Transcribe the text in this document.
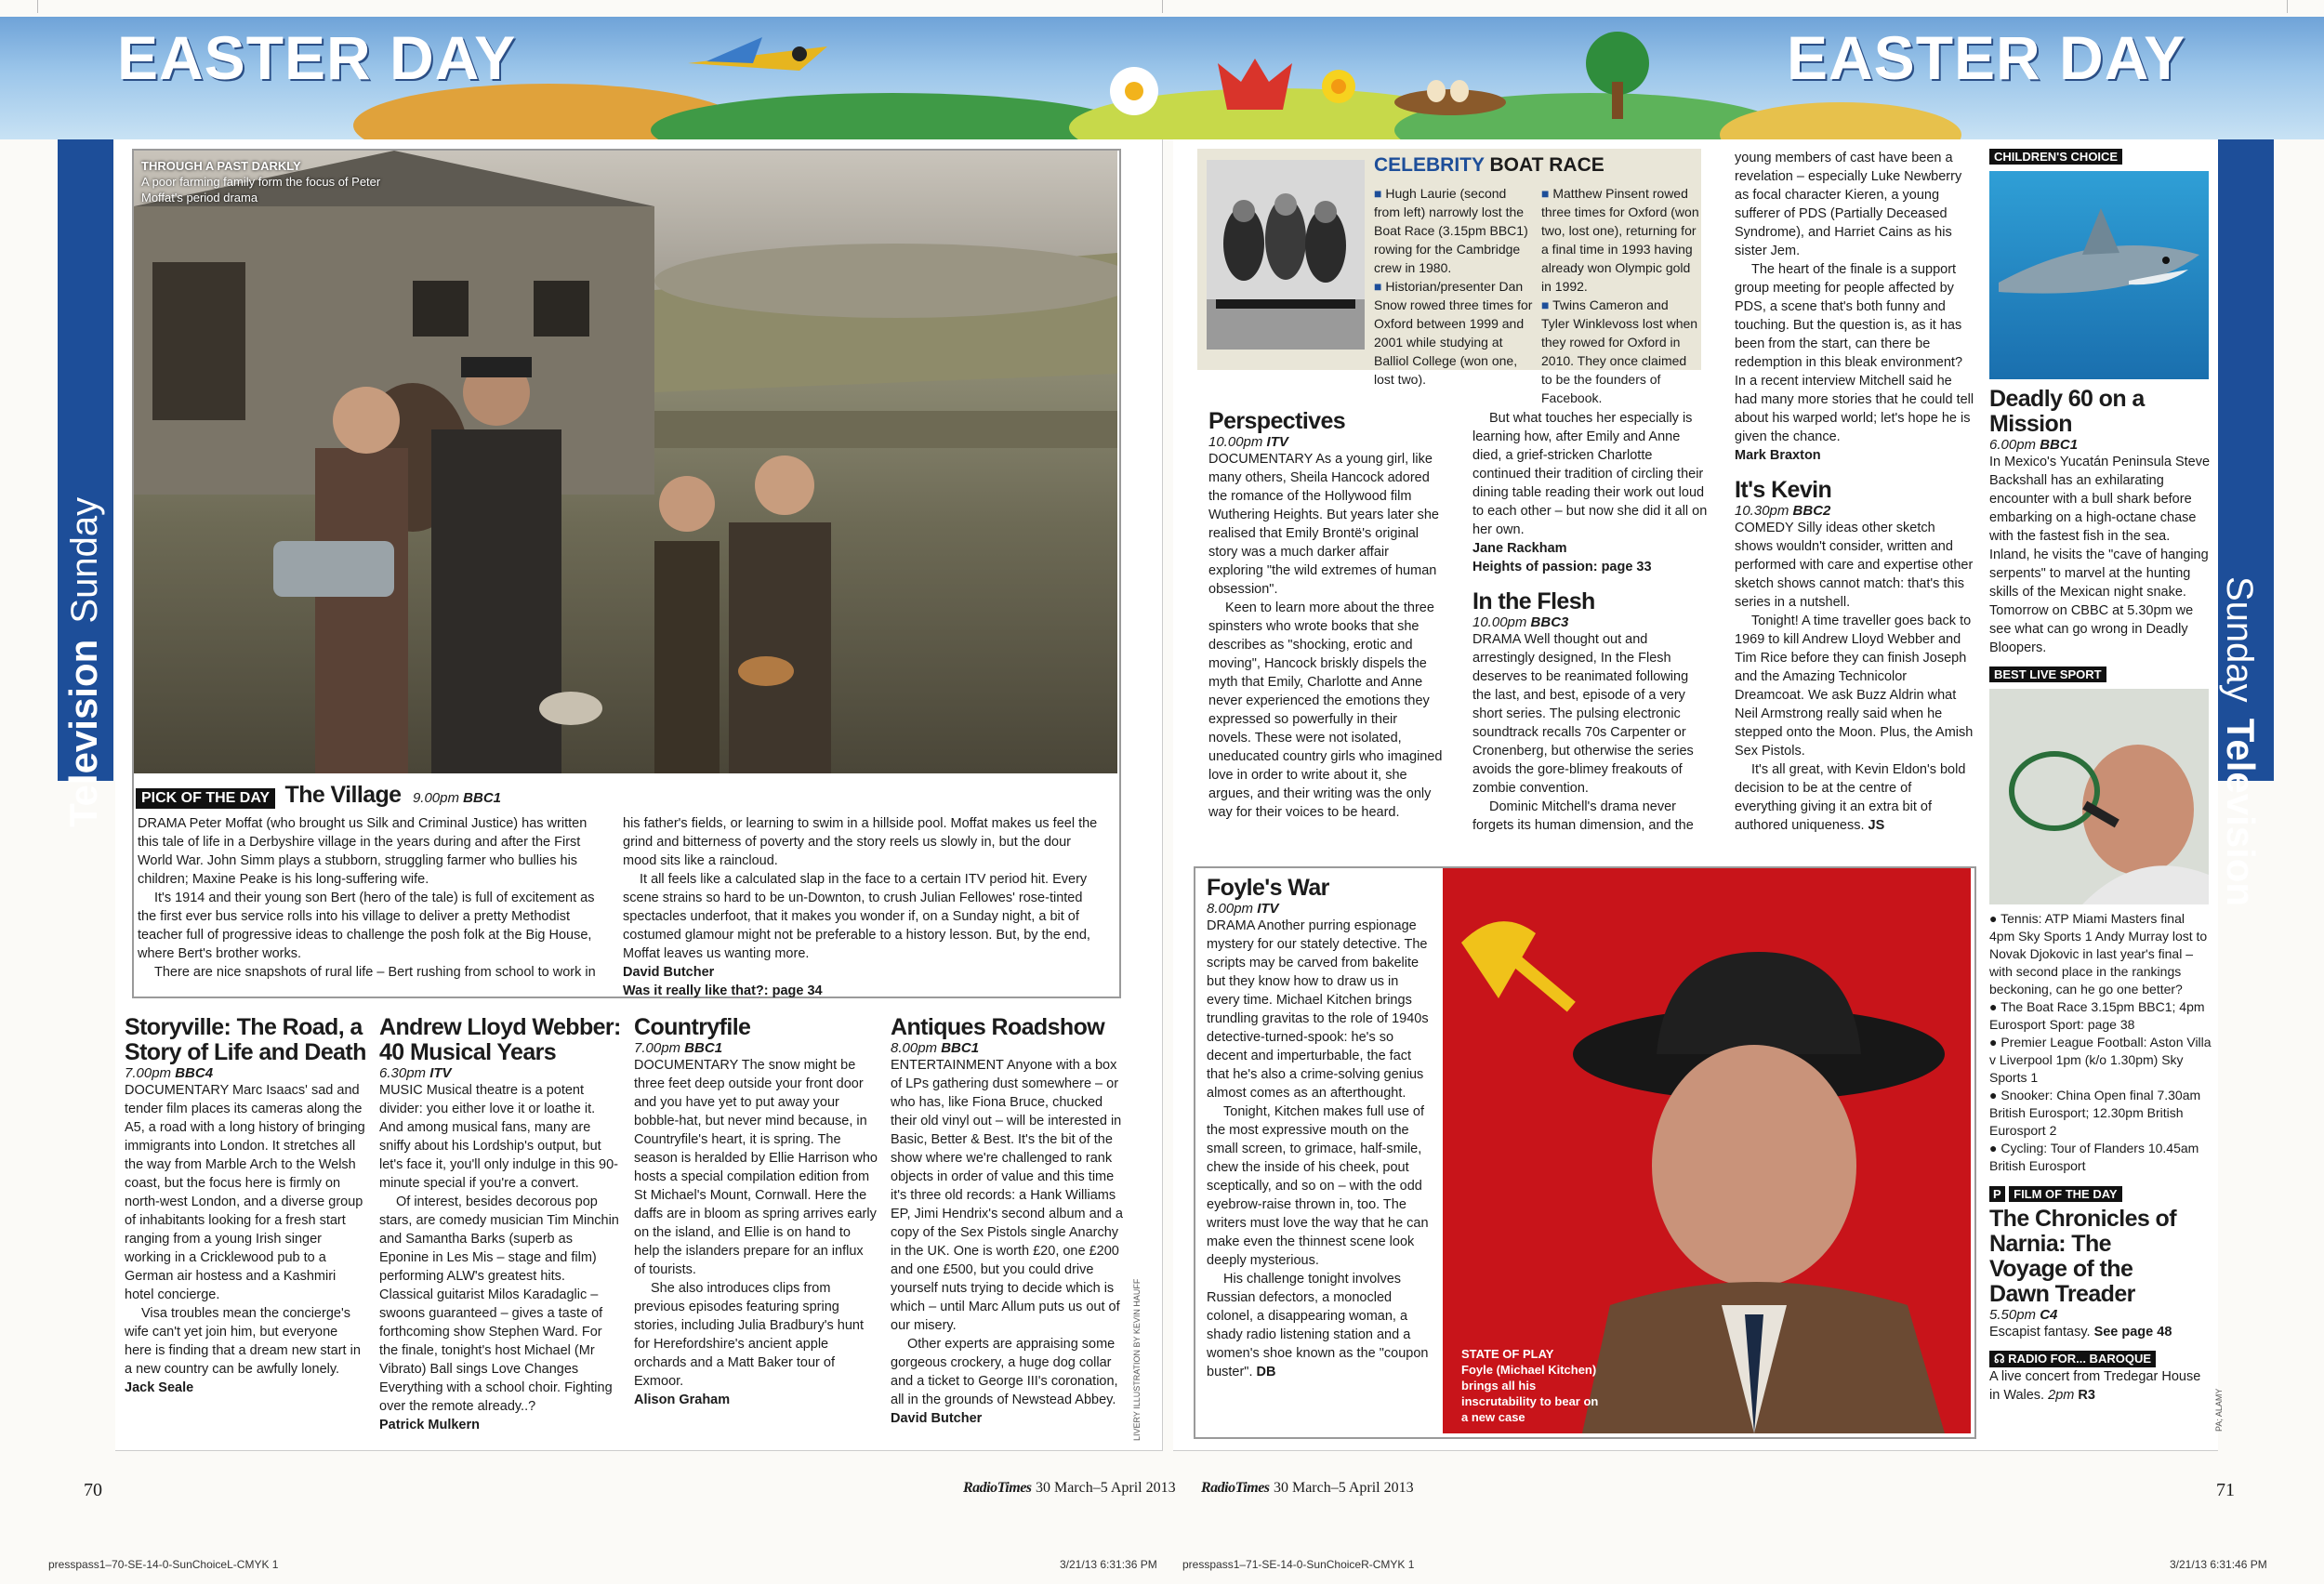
EASTER DAY	EASTER DAY
Television Sunday
Sunday Television
THROUGH A PAST DARKLY
A poor farming family form the focus of Peter Moffat's period drama
PICK OF THE DAY The Village 9.00pm BBC1

DRAMA Peter Moffat (who brought us Silk and Criminal Justice) has written this tale of life in a Derbyshire village in the years during and after the First World War. John Simm plays a stubborn, struggling farmer who bullies his children; Maxine Peake is his long-suffering wife.

It's 1914 and their young son Bert (hero of the tale) is full of excitement as the first ever bus service rolls into his village to deliver a pretty Methodist teacher full of progressive ideas to challenge the posh folk at the Big House, where Bert's brother works.

There are nice snapshots of rural life – Bert rushing from school to work in

his father's fields, or learning to swim in a hillside pool. Moffat makes us feel the grind and bitterness of poverty and the story reels us slowly in, but the dour mood sits like a raincloud.

It all feels like a calculated slap in the face to a certain ITV period hit. Every scene strains so hard to be un-Downton, to crush Julian Fellowes' rose-tinted spectacles underfoot, that it makes you wonder if, on a Sunday night, a bit of costumed glamour might not be preferable to a history lesson. But, by the end, Moffat leaves us wanting more.

David Butcher
Was it really like that?: page 34
Storyville: The Road, a Story of Life and Death
7.00pm BBC4

DOCUMENTARY Marc Isaacs' sad and tender film places its cameras along the A5, a road with a long history of bringing immigrants into London. It stretches all the way from Marble Arch to the Welsh coast, but the focus here is firmly on north-west London, and a diverse group of inhabitants looking for a fresh start ranging from a young Irish singer working in a Cricklewood pub to a German air hostess and a Kashmiri hotel concierge.

Visa troubles mean the concierge's wife can't yet join him, but everyone here is finding that a dream new start in a new country can be awfully lonely.

Jack Seale
Andrew Lloyd Webber: 40 Musical Years
6.30pm ITV

MUSIC Musical theatre is a potent divider: you either love it or loathe it. And among musical fans, many are sniffy about his Lordship's output, but let's face it, you'll only indulge in this 90-minute special if you're a convert.

Of interest, besides decorous pop stars, are comedy musician Tim Minchin and Samantha Barks (superb as Eponine in Les Mis – stage and film) performing ALW's greatest hits. Classical guitarist Milos Karadaglic – swoons guaranteed – gives a taste of forthcoming show Stephen Ward. For the finale, tonight's host Michael (Mr Vibrato) Ball sings Love Changes Everything with a school choir. Fighting over the remote already..?

Patrick Mulkern
Countryfile
7.00pm BBC1

DOCUMENTARY The snow might be three feet deep outside your front door and you have yet to put away your bobble-hat, but never mind because, in Countryfile's heart, it is spring. The season is heralded by Ellie Harrison who hosts a special compilation edition from St Michael's Mount, Cornwall. Here the daffs are in bloom as spring arrives early on the island, and Ellie is on hand to help the islanders prepare for an influx of tourists.

She also introduces clips from previous episodes featuring spring stories, including Julia Bradbury's hunt for Herefordshire's ancient apple orchards and a Matt Baker tour of Exmoor.

Alison Graham
Antiques Roadshow
8.00pm BBC1

ENTERTAINMENT Anyone with a box of LPs gathering dust somewhere – or who has, like Fiona Bruce, chucked their old vinyl out – will be interested in Basic, Better & Best. It's the bit of the show where we're challenged to rank objects in order of value and this time it's three old records: a Hank Williams EP, Jimi Hendrix's second album and a copy of the Sex Pistols single Anarchy in the UK. One is worth £20, one £200 and one £500, but you could drive yourself nuts trying to decide which is which – until Marc Allum puts us out of our misery.

Other experts are appraising some gorgeous crockery, a huge dog collar and a ticket to George III's coronation, all in the grounds of Newstead Abbey.

David Butcher	LIVERY ILLUSTRATION BY KEVIN HAUFF
CELEBRITY BOAT RACE
■ Hugh Laurie (second from left) narrowly lost the Boat Race (3.15pm BBC1) rowing for the Cambridge crew in 1980.
■ Historian/presenter Dan Snow rowed three times for Oxford between 1999 and 2001 while studying at Balliol College (won one, lost two).
■ Matthew Pinsent rowed three times for Oxford (won two, lost one), returning for a final time in 1993 having already won Olympic gold in 1992.
■ Twins Cameron and Tyler Winklevoss lost when they rowed for Oxford in 2010. They once claimed to be the founders of Facebook.
Perspectives
10.00pm ITV

DOCUMENTARY As a young girl, like many others, Sheila Hancock adored the romance of the Hollywood film Wuthering Heights. But years later she realised that Emily Brontë's original story was a much darker affair exploring "the wild extremes of human obsession".

Keen to learn more about the three spinsters who wrote books that she describes as "shocking, erotic and moving", Hancock briskly dispels the myth that Emily, Charlotte and Anne never experienced the emotions they expressed so powerfully in their novels. These were not isolated, uneducated country girls who imagined love in order to write about it, she argues, and their writing was the only way for their voices to be heard.

But what touches her especially is learning how, after Emily and Anne died, a grief-stricken Charlotte continued their tradition of circling their dining table reading their work out loud to each other – but now she did it all on her own.

Jane Rackham
Heights of passion: page 33
In the Flesh
10.00pm BBC3

DRAMA Well thought out and arrestingly designed, In the Flesh deserves to be reanimated following the last, and best, episode of a very short series. The pulsing electronic soundtrack recalls 70s Carpenter or Cronenberg, but otherwise the series avoids the gore-blimey freakouts of zombie convention.

Dominic Mitchell's drama never forgets its human dimension, and the

young members of cast have been a revelation – especially Luke Newberry as focal character Kieren, a young sufferer of PDS (Partially Deceased Syndrome), and Harriet Cains as his sister Jem.

The heart of the finale is a support group meeting for people affected by PDS, a scene that's both funny and touching. But the question is, as it has been from the start, can there be redemption in this bleak environment? In a recent interview Mitchell said he had many more stories that he could tell about his warped world; let's hope he is given the chance.

Mark Braxton
It's Kevin
10.30pm BBC2

COMEDY Silly ideas other sketch shows wouldn't consider, written and performed with care and expertise other sketch shows cannot match: that's this series in a nutshell.

Tonight! A time traveller goes back to 1969 to kill Andrew Lloyd Webber and Tim Rice before they can finish Joseph and the Amazing Technicolor Dreamcoat. We ask Buzz Aldrin what Neil Armstrong really said when he stepped onto the Moon. Plus, the Amish Sex Pistols.

It's all great, with Kevin Eldon's bold decision to be at the centre of everything giving it an extra bit of authored uniqueness. JS

Foyle's War
8.00pm ITV

DRAMA Another purring espionage mystery for our stately detective. The scripts may be carved from bakelite but they know how to draw us in every time. Michael Kitchen brings trundling gravitas to the role of 1940s detective-turned-spook: he's so decent and imperturbable, the fact that he's also a crime-solving genius almost comes as an afterthought.

Tonight, Kitchen makes full use of the most expressive mouth on the small screen, to grimace, half-smile, chew the inside of his cheek, pout sceptically, and so on – with the odd eyebrow-raise thrown in, too. The writers must love the way that he can make even the thinnest scene look deeply mysterious.

His challenge tonight involves Russian defectors, a monocled colonel, a disappearing woman, a shady radio listening station and a women's shoe known as the "coupon buster". DB

STATE OF PLAY
Foyle (Michael Kitchen) brings all his inscrutability to bear on a new case
CHILDREN'S CHOICE
Deadly 60 on a Mission
6.00pm BBC1
In Mexico's Yucatán Peninsula Steve Backshall has an exhilarating encounter with a bull shark before embarking on a high-octane chase with the fastest fish in the sea. Inland, he visits the "cave of hanging serpents" to marvel at the hunting skills of the Mexican night snake. Tomorrow on CBBC at 5.30pm we see what can go wrong in Deadly Bloopers.
BEST LIVE SPORT
● Tennis: ATP Miami Masters final 4pm Sky Sports 1 Andy Murray lost to Novak Djokovic in last year's final – with second place in the rankings beckoning, can he go one better?
● The Boat Race 3.15pm BBC1; 4pm Eurosport Sport: page 38
● Premier League Football: Aston Villa v Liverpool 1pm (k/o 1.30pm) Sky Sports 1
● Snooker: China Open final 7.30am British Eurosport; 12.30pm British Eurosport 2
● Cycling: Tour of Flanders 10.45am British Eurosport
P FILM OF THE DAY
The Chronicles of Narnia: The Voyage of the Dawn Treader
5.50pm C4
Escapist fantasy. See page 48
☊ RADIO FOR... BAROQUE
A live concert from Tredegar House in Wales. 2pm R3	PA; ALAMY
70	71
RadioTimes 30 March–5 April 2013 RadioTimes 30 March–5 April 2013
presspass1–70-SE-14-0-SunChoiceL-CMYK 1	3/21/13 6:31:36 PM presspass1–71-SE-14-0-SunChoiceR-CMYK 1	3/21/13 6:31:46 PM
